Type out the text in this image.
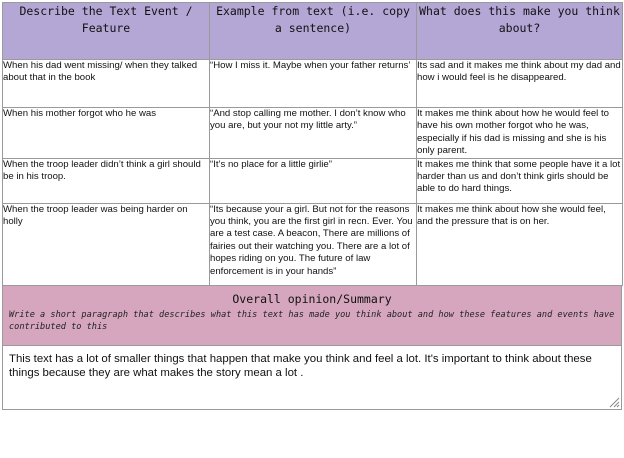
Describe the Text Event / Feature	Example from text (i.e. copy a sentence)	What does this make you think about?
When his dad went missing/ when they talked about that in the book	“How I miss it. Maybe when your father returns’	Its sad and it makes me think about my dad and how i would feel is he disappeared.
When his mother forgot who he was	“And stop calling me mother. I don’t know who you are, but your not my little arty.”	It makes me think about how he would feel to have his own mother forgot who he was, especially if his dad is missing and she is his only parent.
When the troop leader didn’t think a girl should be in his troop.	“It’s no place for a little girlie”	It makes me think that some people have it a lot harder than us and don’t think girls should be able to do hard things.
When the troop leader was being harder on holly	“Its because your a girl. But not for the reasons you think, you are the first girl in recn. Ever. You are a test case. A beacon, There are millions of fairies out their watching you. There are a lot of hopes riding on you. The future of law enforcement is in your hands”	It makes me think about how she would feel, and the pressure that is on her.
Overall opinion/Summary
Write a short paragraph that describes what this text has made you think about and how these features and events have contributed to this
This text has a lot of smaller things that happen that make you think and feel a lot. It's important to think about these things because they are what makes the story mean a lot .
